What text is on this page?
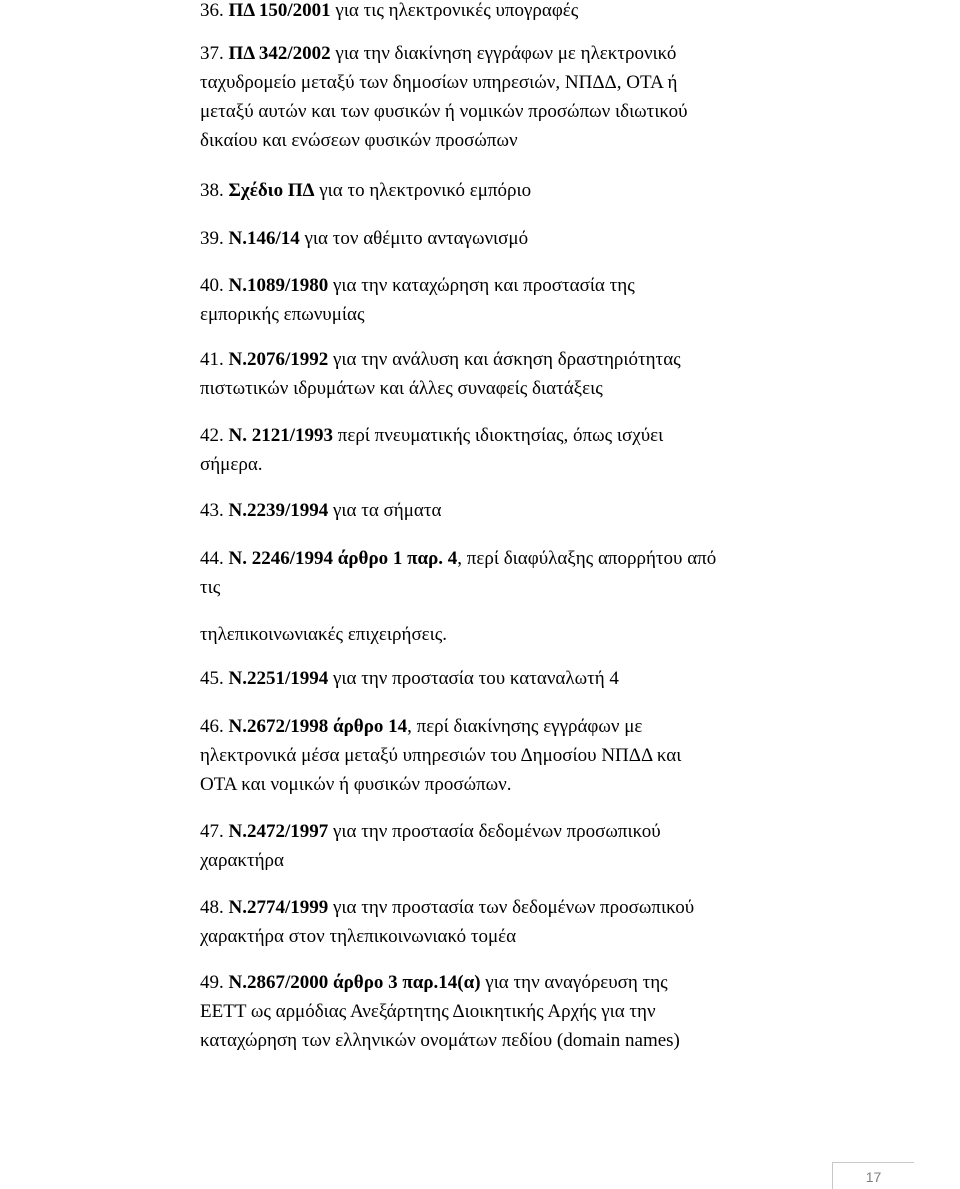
36. ΠΔ 150/2001 για τις ηλεκτρονικές υπογραφές
37. ΠΔ 342/2002 για την διακίνηση εγγράφων με ηλεκτρονικό
ταχυδρομείο μεταξύ των δημοσίων υπηρεσιών, ΝΠΔΔ, ΟΤΑ ή
μεταξύ αυτών και των φυσικών ή νομικών προσώπων ιδιωτικού
δικαίου και ενώσεων φυσικών προσώπων
38. Σχέδιο ΠΔ για το ηλεκτρονικό εμπόριο
39. Ν.146/14 για τον αθέμιτο ανταγωνισμό
40. Ν.1089/1980 για την καταχώρηση και προστασία της
εμπορικής επωνυμίας
41. Ν.2076/1992 για την ανάλυση και άσκηση δραστηριότητας
πιστωτικών ιδρυμάτων και άλλες συναφείς διατάξεις
42. Ν. 2121/1993 περί πνευματικής ιδιοκτησίας, όπως ισχύει
σήμερα.
43. Ν.2239/1994 για τα σήματα
44. Ν. 2246/1994 άρθρο 1 παρ. 4, περί διαφύλαξης απορρήτου από
τις
τηλεπικοινωνιακές επιχειρήσεις.
45. Ν.2251/1994 για την προστασία του καταναλωτή 4
46. Ν.2672/1998 άρθρο 14, περί διακίνησης εγγράφων με
ηλεκτρονικά μέσα μεταξύ υπηρεσιών του Δημοσίου ΝΠΔΔ και
ΟΤΑ και νομικών ή φυσικών προσώπων.
47. Ν.2472/1997 για την προστασία δεδομένων προσωπικού
χαρακτήρα
48. Ν.2774/1999 για την προστασία των δεδομένων προσωπικού
χαρακτήρα στον τηλεπικοινωνιακό τομέα
49. Ν.2867/2000 άρθρο 3 παρ.14(α) για την αναγόρευση της
ΕΕΤΤ ως αρμόδιας Ανεξάρτητης Διοικητικής Αρχής για την
καταχώρηση των ελληνικών ονομάτων πεδίου (domain names)
17
